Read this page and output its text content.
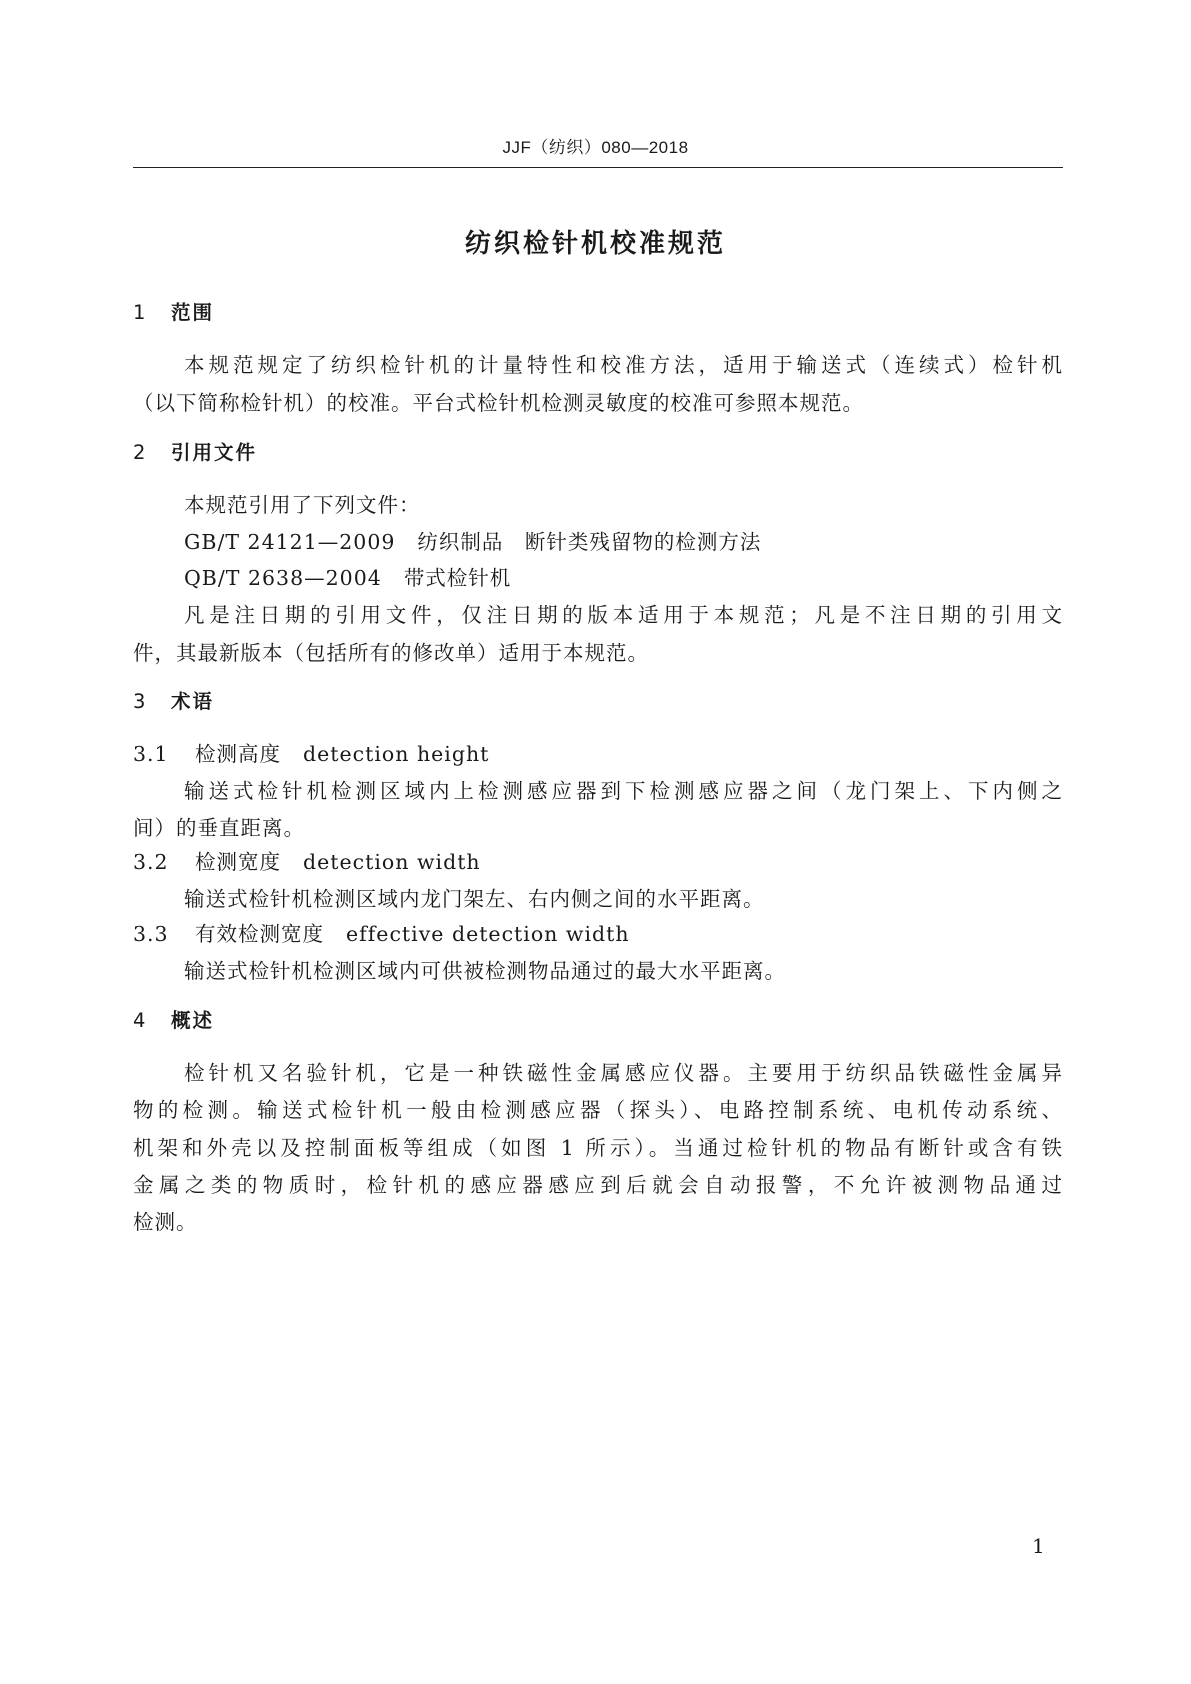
JJF（纺织）080—2018
纺织检针机校准规范
1 范围
本规范规定了纺织检针机的计量特性和校准方法，适用于输送式（连续式）检针机
（以下简称检针机）的校准。平台式检针机检测灵敏度的校准可参照本规范。
2 引用文件
本规范引用了下列文件：
GB/T 24121—2009 纺织制品　断针类残留物的检测方法
QB/T 2638—2004 带式检针机
凡是注日期的引用文件，仅注日期的版本适用于本规范；凡是不注日期的引用文
件，其最新版本（包括所有的修改单）适用于本规范。
3 术语
3.1 检测高度 detection height
输送式检针机检测区域内上检测感应器到下检测感应器之间（龙门架上、下内侧之
间）的垂直距离。
3.2 检测宽度 detection width
输送式检针机检测区域内龙门架左、右内侧之间的水平距离。
3.3 有效检测宽度 effective detection width
输送式检针机检测区域内可供被检测物品通过的最大水平距离。
4 概述
检针机又名验针机，它是一种铁磁性金属感应仪器。主要用于纺织品铁磁性金属异
物的检测。输送式检针机一般由检测感应器（探头）、电路控制系统、电机传动系统、
机架和外壳以及控制面板等组成（如图 1 所示）。当通过检针机的物品有断针或含有铁
金属之类的物质时，检针机的感应器感应到后就会自动报警，不允许被测物品通过
检测。
1
